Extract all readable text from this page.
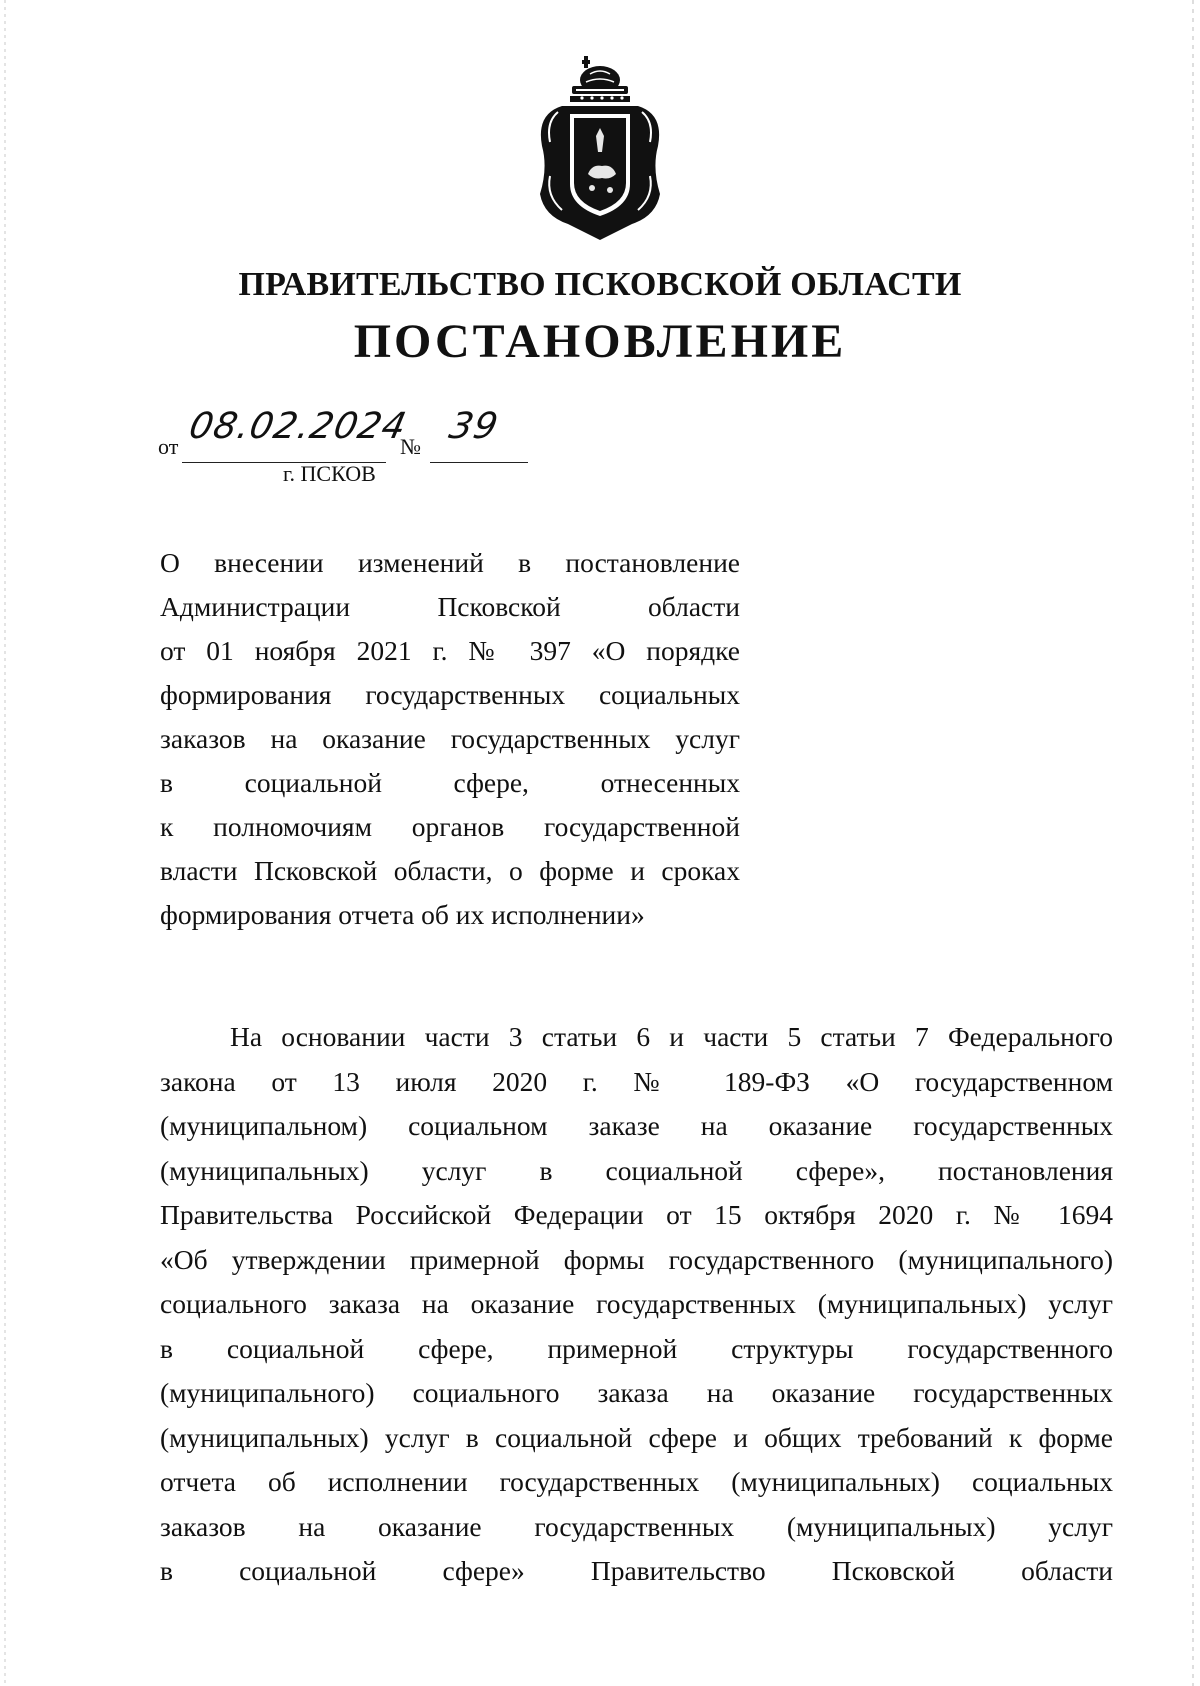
ПРАВИТЕЛЬСТВО ПСКОВСКОЙ ОБЛАСТИ
ПОСТАНОВЛЕНИЕ
от 08.02.2024
№ 39
г. ПСКОВ
О внесении изменений в постановление
Администрации Псковской области
от 01 ноября 2021 г. № 397 «О порядке
формирования государственных социальных
заказов на оказание государственных услуг
в социальной сфере, отнесенных
к полномочиям органов государственной
власти Псковской области, о форме и сроках
формирования отчета об их исполнении»
На основании части 3 статьи 6 и части 5 статьи 7 Федерального
закона от 13 июля 2020 г. № 189-ФЗ «О государственном
(муниципальном) социальном заказе на оказание государственных
(муниципальных) услуг в социальной сфере», постановления
Правительства Российской Федерации от 15 октября 2020 г. № 1694
«Об утверждении примерной формы государственного (муниципального)
социального заказа на оказание государственных (муниципальных) услуг
в социальной сфере, примерной структуры государственного
(муниципального) социального заказа на оказание государственных
(муниципальных) услуг в социальной сфере и общих требований к форме
отчета об исполнении государственных (муниципальных) социальных
заказов на оказание государственных (муниципальных) услуг
в социальной сфере» Правительство Псковской области
